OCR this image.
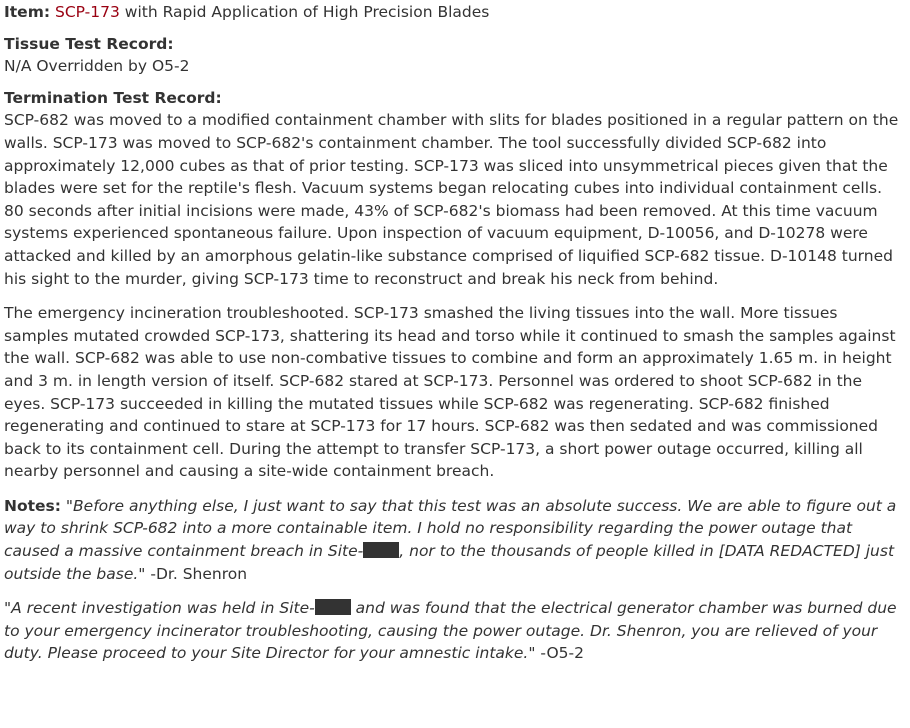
Item: SCP-173 with Rapid Application of High Precision Blades

Tissue Test Record:

N/A Overridden by O5-2

Termination Test Record:

SCP-682 was moved to a modified containment chamber with slits for blades positioned in a regular pattern on the walls. SCP-173 was moved to SCP-682's containment chamber. The tool successfully divided SCP-682 into approximately 12,000 cubes as that of prior testing. SCP-173 was sliced into unsymmetrical pieces given that the blades were set for the reptile's flesh. Vacuum systems began relocating cubes into individual containment cells. 80 seconds after initial incisions were made, 43% of SCP-682's biomass had been removed. At this time vacuum systems experienced spontaneous failure. Upon inspection of vacuum equipment, D-10056, and D-10278 were attacked and killed by an amorphous gelatin-like substance comprised of liquified SCP-682 tissue. D-10148 turned his sight to the murder, giving SCP-173 time to reconstruct and break his neck from behind.

The emergency incineration troubleshooted. SCP-173 smashed the living tissues into the wall. More tissues samples mutated crowded SCP-173, shattering its head and torso while it continued to smash the samples against the wall. SCP-682 was able to use non-combative tissues to combine and form an approximately 1.65 m. in height and 3 m. in length version of itself. SCP-682 stared at SCP-173. Personnel was ordered to shoot SCP-682 in the eyes. SCP-173 succeeded in killing the mutated tissues while SCP-682 was regenerating. SCP-682 finished regenerating and continued to stare at SCP-173 for 17 hours. SCP-682 was then sedated and was commissioned back to its containment cell. During the attempt to transfer SCP-173, a short power outage occurred, killing all nearby personnel and causing a site-wide containment breach.

Notes: "Before anything else, I just want to say that this test was an absolute success. We are able to figure out a way to shrink SCP-682 into a more containable item. I hold no responsibility regarding the power outage that caused a massive containment breach in Site- , nor to the thousands of people killed in [DATA REDACTED] just outside the base." -Dr. Shenron

"A recent investigation was held in Site- and was found that the electrical generator chamber was burned due to your emergency incinerator troubleshooting, causing the power outage. Dr. Shenron, you are relieved of your duty. Please proceed to your Site Director for your amnestic intake." -O5-2
